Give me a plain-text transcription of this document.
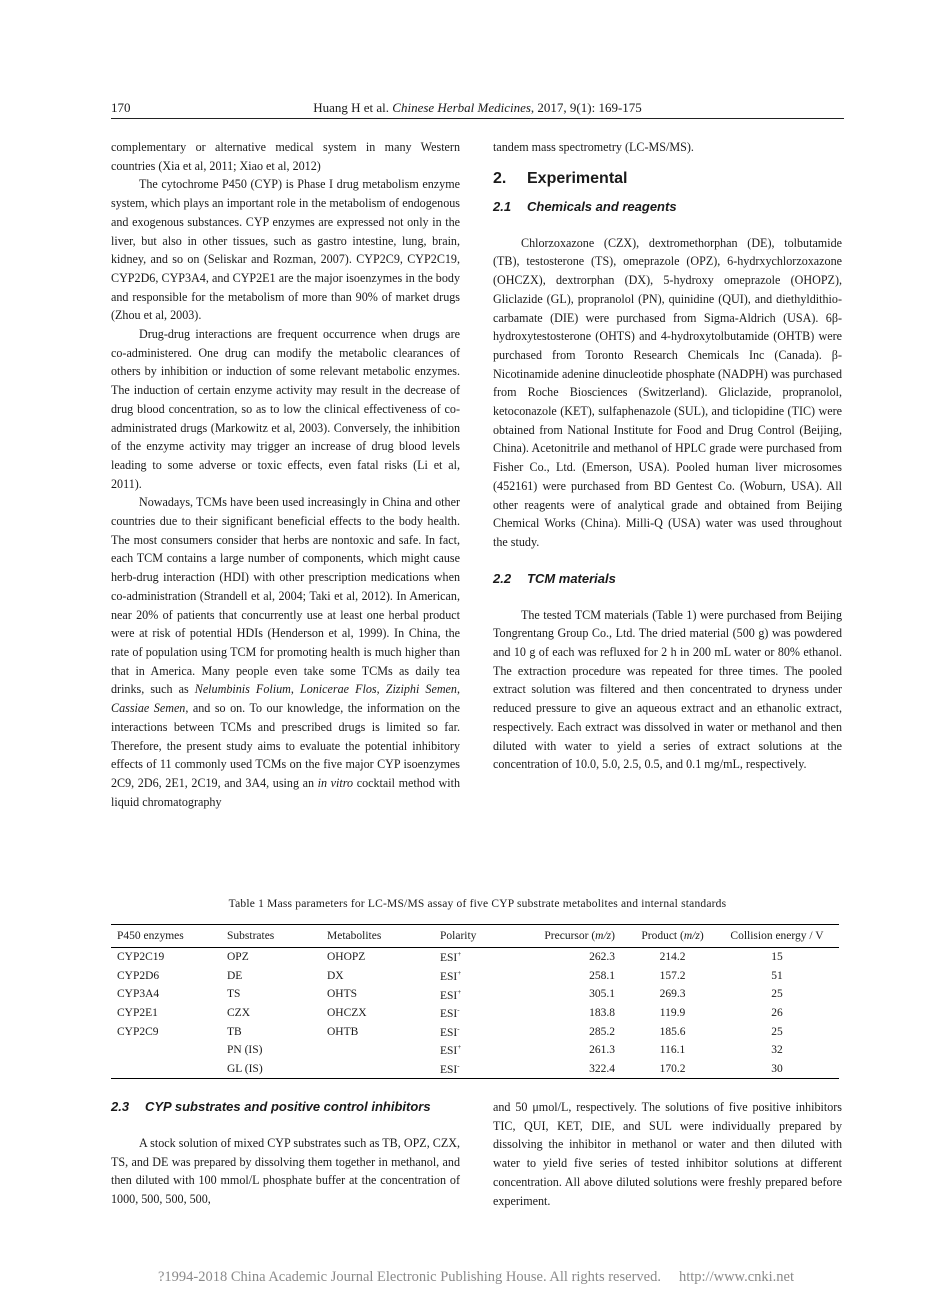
170	Huang H et al. Chinese Herbal Medicines, 2017, 9(1): 169-175

complementary or alternative medical system in many Western countries (Xia et al, 2011; Xiao et al, 2012)

The cytochrome P450 (CYP) is Phase I drug metabolism enzyme system, which plays an important role in the metabolism of endogenous and exogenous substances. CYP enzymes are expressed not only in the liver, but also in other tissues, such as gastro intestine, lung, brain, kidney, and so on (Seliskar and Rozman, 2007). CYP2C9, CYP2C19, CYP2D6, CYP3A4, and CYP2E1 are the major isoenzymes in the body and responsible for the metabolism of more than 90% of market drugs (Zhou et al, 2003).

Drug-drug interactions are frequent occurrence when drugs are co-administered. One drug can modify the metabolic clearances of others by inhibition or induction of some relevant metabolic enzymes. The induction of certain enzyme activity may result in the decrease of drug blood concentration, so as to low the clinical effectiveness of co-administrated drugs (Markowitz et al, 2003). Conversely, the inhibition of the enzyme activity may trigger an increase of drug blood levels leading to some adverse or toxic effects, even fatal risks (Li et al, 2011).

Nowadays, TCMs have been used increasingly in China and other countries due to their significant beneficial effects to the body health. The most consumers consider that herbs are nontoxic and safe. In fact, each TCM contains a large number of components, which might cause herb-drug interaction (HDI) with other prescription medications when co-administration (Strandell et al, 2004; Taki et al, 2012). In American, near 20% of patients that concurrently use at least one herbal product were at risk of potential HDIs (Henderson et al, 1999). In China, the rate of population using TCM for promoting health is much higher than that in America. Many people even take some TCMs as daily tea drinks, such as Nelumbinis Folium, Lonicerae Flos, Ziziphi Semen, Cassiae Semen, and so on. To our knowledge, the information on the interactions between TCMs and prescribed drugs is limited so far. Therefore, the present study aims to evaluate the potential inhibitory effects of 11 commonly used TCMs on the five major CYP isoenzymes 2C9, 2D6, 2E1, 2C19, and 3A4, using an in vitro cocktail method with liquid chromatography

tandem mass spectrometry (LC-MS/MS).

2. Experimental
2.1 Chemicals and reagents

Chlorzoxazone (CZX), dextromethorphan (DE), tolbutamide (TB), testosterone (TS), omeprazole (OPZ), 6-hydrxychlorzoxazone (OHCZX), dextrorphan (DX), 5-hydroxy omeprazole (OHOPZ), Gliclazide (GL), propranolol (PN), quinidine (QUI), and diethyldithio-carbamate (DIE) were purchased from Sigma-Aldrich (USA). 6β-hydroxytestosterone (OHTS) and 4-hydroxytolbutamide (OHTB) were purchased from Toronto Research Chemicals Inc (Canada). β-Nicotinamide adenine dinucleotide phosphate (NADPH) was purchased from Roche Biosciences (Switzerland). Gliclazide, propranolol, ketoconazole (KET), sulfaphenazole (SUL), and ticlopidine (TIC) were obtained from National Institute for Food and Drug Control (Beijing, China). Acetonitrile and methanol of HPLC grade were purchased from Fisher Co., Ltd. (Emerson, USA). Pooled human liver microsomes (452161) were purchased from BD Gentest Co. (Woburn, USA). All other reagents were of analytical grade and obtained from Beijing Chemical Works (China). Milli-Q (USA) water was used throughout the study.

2.2 TCM materials

The tested TCM materials (Table 1) were purchased from Beijing Tongrentang Group Co., Ltd. The dried material (500 g) was powdered and 10 g of each was refluxed for 2 h in 200 mL water or 80% ethanol. The extraction procedure was repeated for three times. The pooled extract solution was filtered and then concentrated to dryness under reduced pressure to give an aqueous extract and an ethanolic extract, respectively. Each extract was dissolved in water or methanol and then diluted with water to yield a series of extract solutions at the concentration of 10.0, 5.0, 2.5, 0.5, and 0.1 mg/mL, respectively.

Table 1 Mass parameters for LC-MS/MS assay of five CYP substrate metabolites and internal standards
P450 enzymes	Substrates	Metabolites	Polarity	Precursor (m/z)	Product (m/z)	Collision energy / V
CYP2C19	OPZ	OHOPZ	ESI+	262.3	214.2	15
CYP2D6	DE	DX	ESI+	258.1	157.2	51
CYP3A4	TS	OHTS	ESI+	305.1	269.3	25
CYP2E1	CZX	OHCZX	ESI-	183.8	119.9	26
CYP2C9	TB	OHTB	ESI-	285.2	185.6	25
	PN (IS)		ESI+	261.3	116.1	32
	GL (IS)		ESI-	322.4	170.2	30
2.3 CYP substrates and positive control inhibitors

A stock solution of mixed CYP substrates such as TB, OPZ, CZX, TS, and DE was prepared by dissolving them together in methanol, and then diluted with 100 mmol/L phosphate buffer at the concentration of 1000, 500, 500, 500,

and 50 μmol/L, respectively. The solutions of five positive inhibitors TIC, QUI, KET, DIE, and SUL were individually prepared by dissolving the inhibitor in methanol or water and then diluted with water to yield five series of tested inhibitor solutions at different concentration. All above diluted solutions were freshly prepared before experiment.

?1994-2018 China Academic Journal Electronic Publishing House. All rights reserved. http://www.cnki.net
